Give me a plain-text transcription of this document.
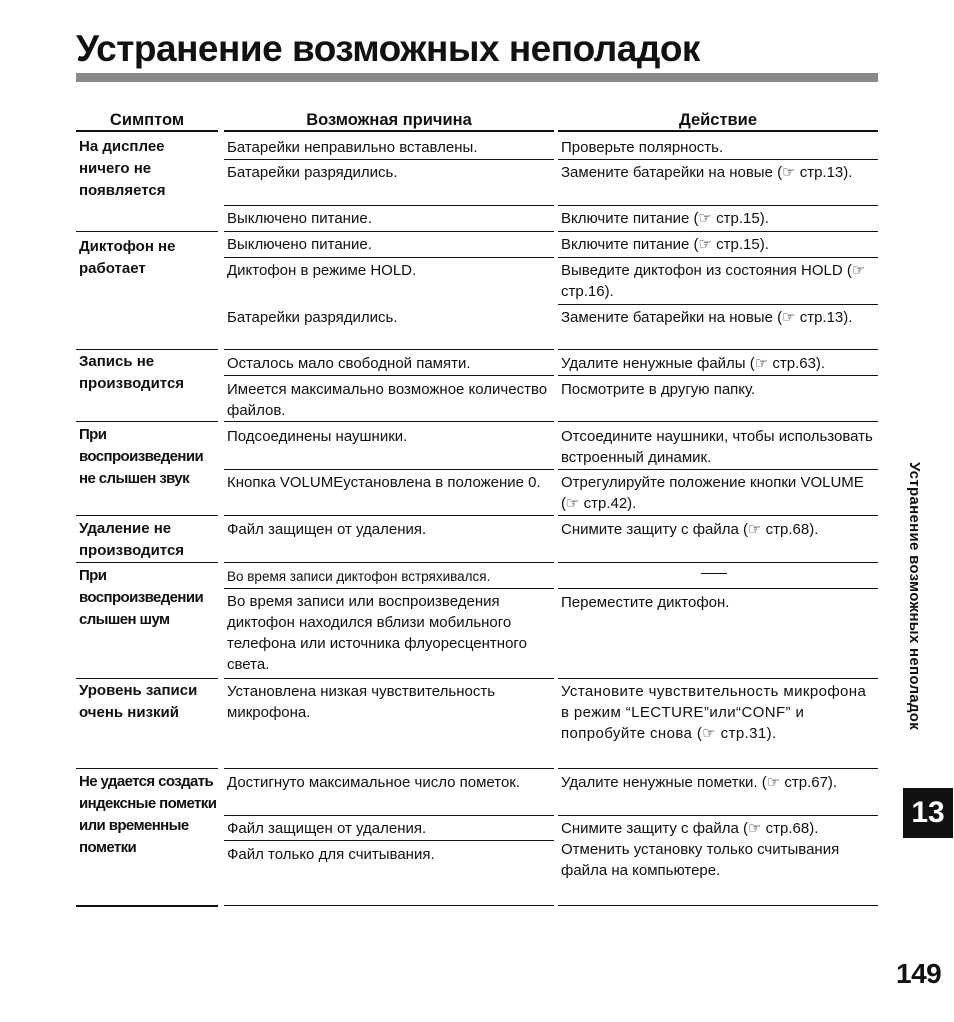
Устранение возможных неполадок
Симптом	Возможная причина	Действие
На дисплее ничего не появляется
Диктофон не работает
Запись не производится
При воспроизведении не слышен звук
Удаление не производится
При воспроизведении слышен шум
Уровень записи очень низкий
Не удается создать индексные пометки или временные пометки
Батарейки неправильно вставлены.
Батарейки разрядились.
Выключено питание.
Выключено питание.
Диктофон в режиме HOLD.
Батарейки разрядились.
Осталось мало свободной памяти.
Имеется максимально возможное количество файлов.
Подсоединены наушники.
Кнопка VOLUMEустановлена в положение 0.
Файл защищен от удаления.
Во время записи диктофон встряхивался.
Во время записи или воспроизведения диктофон находился вблизи мобильного телефона или источника флуоресцентного света.
Установлена низкая чувствительность микрофона.
Достигнуто максимальное число пометок.
Файл защищен от удаления.
Файл только для считывания.
Проверьте полярность.
Замените батарейки на новые (☞ стр.13).
Включите питание (☞ стр.15).
Включите питание (☞ стр.15).
Выведите диктофон из состояния HOLD (☞ стр.16).
Замените батарейки на новые (☞ стр.13).
Удалите ненужные файлы (☞ стр.63).
Посмотрите в другую папку.
Отсоедините наушники, чтобы использовать встроенный динамик.
Отрегулируйте положение кнопки VOLUME (☞ стр.42).
Снимите защиту с файла (☞ стр.68).
Переместите диктофон.
Установите чувствительность микрофона в режим “LECTURE”или“CONF” и попробуйте снова (☞ стр.31).
Удалите ненужные пометки. (☞ стр.67).
Снимите защиту с файла (☞ стр.68). Отменить установку только считывания файла на компьютере.
Устранение возможных неполадок
13
149
